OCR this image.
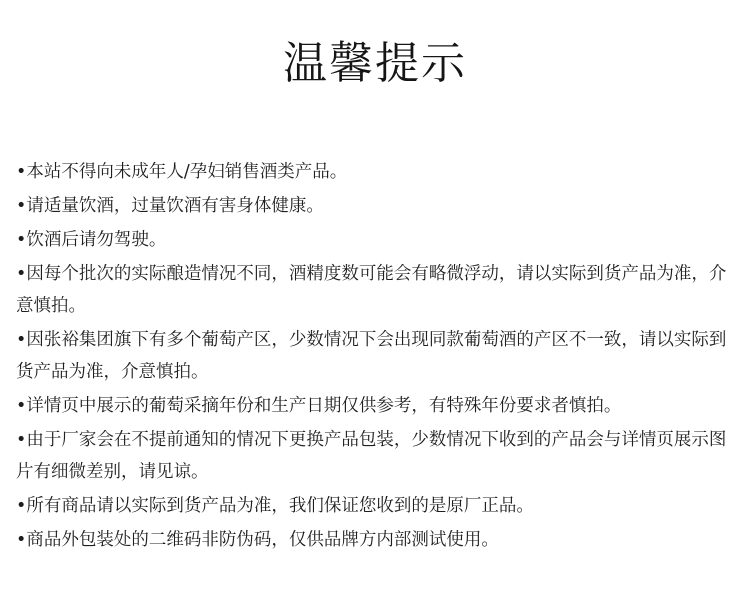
温馨提示
•本站不得向未成年人/孕妇销售酒类产品。
•请适量饮酒，过量饮酒有害身体健康。
•饮酒后请勿驾驶。
•因每个批次的实际酿造情况不同，酒精度数可能会有略微浮动，请以实际到货产品为准，介意慎拍。
•因张裕集团旗下有多个葡萄产区，少数情况下会出现同款葡萄酒的产区不一致，请以实际到货产品为准，介意慎拍。
•详情页中展示的葡萄采摘年份和生产日期仅供参考，有特殊年份要求者慎拍。
•由于厂家会在不提前通知的情况下更换产品包装，少数情况下收到的产品会与详情页展示图片有细微差别，请见谅。
•所有商品请以实际到货产品为准，我们保证您收到的是原厂正品。
•商品外包装处的二维码非防伪码，仅供品牌方内部测试使用。
